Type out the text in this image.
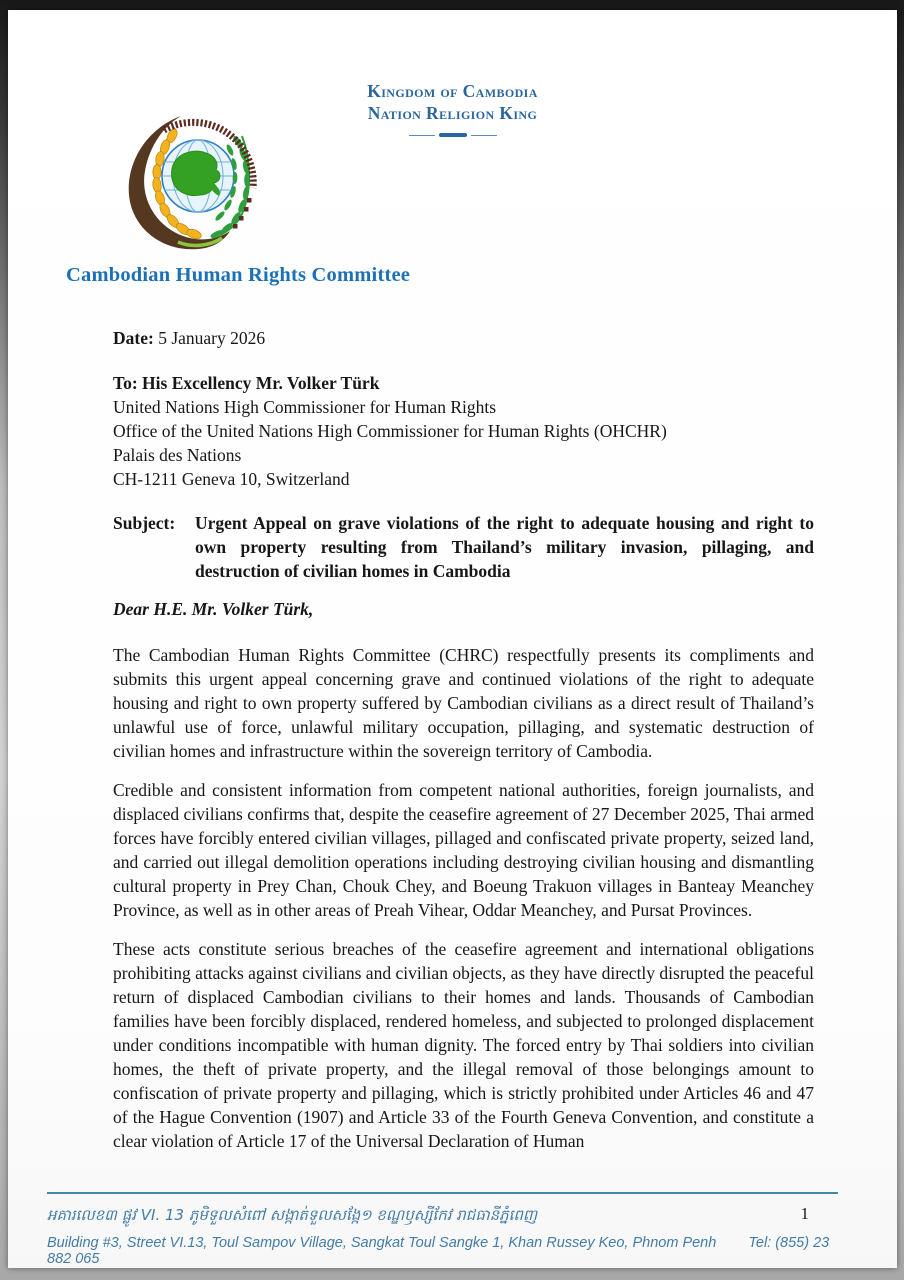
Kingdom of Cambodia
Nation Religion King
Cambodian Human Rights Committee

Date: 5 January 2026

To: His Excellency Mr. Volker Türk

United Nations High Commissioner for Human Rights

Office of the United Nations High Commissioner for Human Rights (OHCHR)

Palais des Nations

CH-1211 Geneva 10, Switzerland

Subject:	Urgent Appeal on grave violations of the right to adequate housing and right to own property resulting from Thailand’s military invasion, pillaging, and destruction of civilian homes in Cambodia

Dear H.E. Mr. Volker Türk,

The Cambodian Human Rights Committee (CHRC) respectfully presents its compliments and submits this urgent appeal concerning grave and continued violations of the right to adequate housing and right to own property suffered by Cambodian civilians as a direct result of Thailand’s unlawful use of force, unlawful military occupation, pillaging, and systematic destruction of civilian homes and infrastructure within the sovereign territory of Cambodia.

Credible and consistent information from competent national authorities, foreign journalists, and displaced civilians confirms that, despite the ceasefire agreement of 27 December 2025, Thai armed forces have forcibly entered civilian villages, pillaged and confiscated private property, seized land, and carried out illegal demolition operations including destroying civilian housing and dismantling cultural property in Prey Chan, Chouk Chey, and Boeung Trakuon villages in Banteay Meanchey Province, as well as in other areas of Preah Vihear, Oddar Meanchey, and Pursat Provinces.

These acts constitute serious breaches of the ceasefire agreement and international obligations prohibiting attacks against civilians and civilian objects, as they have directly disrupted the peaceful return of displaced Cambodian civilians to their homes and lands. Thousands of Cambodian families have been forcibly displaced, rendered homeless, and subjected to prolonged displacement under conditions incompatible with human dignity. The forced entry by Thai soldiers into civilian homes, the theft of private property, and the illegal removal of those belongings amount to confiscation of private property and pillaging, which is strictly prohibited under Articles 46 and 47 of the Hague Convention (1907) and Article 33 of the Fourth Geneva Convention, and constitute a clear violation of Article 17 of the Universal Declaration of Human

អគារលេខ៣ ផ្លូវ VI. 13 ភូមិទួលសំពៅ សង្កាត់ទួលសង្កែ១ ខណ្ឌឫស្សីកែវ រាជធានីភ្នំពេញ
Building #3, Street VI.13, Toul Sampov Village, Sangkat Toul Sangke 1, Khan Russey Keo, Phnom Penh Tel: (855) 23 882 065
1
